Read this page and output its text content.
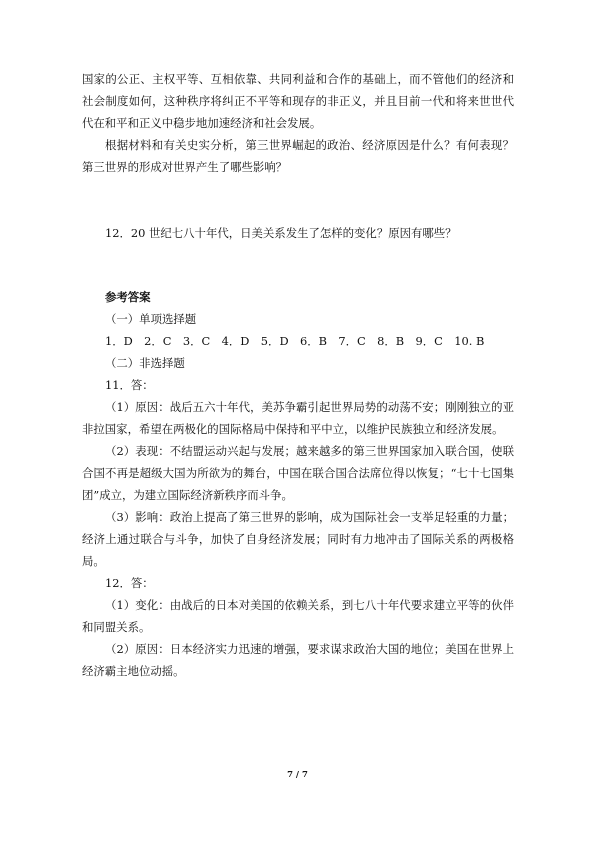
国家的公正、主权平等、互相依靠、共同利益和合作的基础上，而不管他们的经济和社会制度如何，这种秩序将纠正不平等和现存的非正义，并且目前一代和将来世世代代在和平和正义中稳步地加速经济和社会发展。

根据材料和有关史实分析，第三世界崛起的政治、经济原因是什么？有何表现？第三世界的形成对世界产生了哪些影响？

12．20 世纪七八十年代，日美关系发生了怎样的变化？原因有哪些？

参考答案

（一）单项选择题

1．D　2．C　3．C　4．D　5．D　6．B　7．C　8．B　9．C　10. B

（二）非选择题

11．答：

（1）原因：战后五六十年代，美苏争霸引起世界局势的动荡不安；刚刚独立的亚非拉国家，希望在两极化的国际格局中保持和平中立，以维护民族独立和经济发展。

（2）表现：不结盟运动兴起与发展；越来越多的第三世界国家加入联合国，使联合国不再是超级大国为所欲为的舞台，中国在联合国合法席位得以恢复；“七十七国集团”成立，为建立国际经济新秩序而斗争。

（3）影响：政治上提高了第三世界的影响，成为国际社会一支举足轻重的力量；经济上通过联合与斗争，加快了自身经济发展；同时有力地冲击了国际关系的两极格局。

12．答：

（1）变化：由战后的日本对美国的依赖关系，到七八十年代要求建立平等的伙伴和同盟关系。

（2）原因：日本经济实力迅速的增强，要求谋求政治大国的地位；美国在世界上经济霸主地位动摇。

7 / 7
